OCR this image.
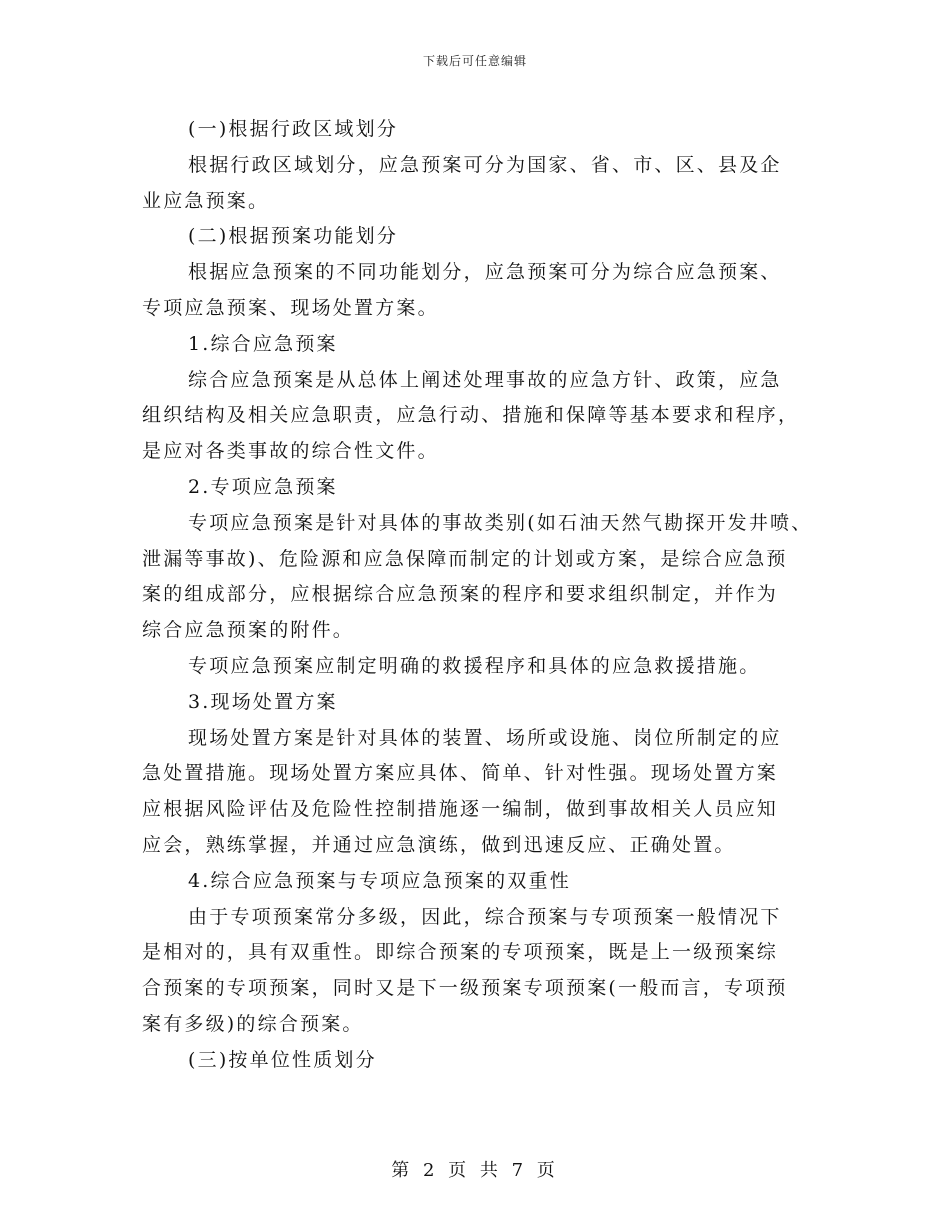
下载后可任意编辑
(一)根据行政区域划分
根据行政区域划分，应急预案可分为国家、省、市、区、县及企
业应急预案。
(二)根据预案功能划分
根据应急预案的不同功能划分，应急预案可分为综合应急预案、
专项应急预案、现场处置方案。
1.综合应急预案
综合应急预案是从总体上阐述处理事故的应急方针、政策，应急
组织结构及相关应急职责，应急行动、措施和保障等基本要求和程序，
是应对各类事故的综合性文件。
2.专项应急预案
专项应急预案是针对具体的事故类别(如石油天然气勘探开发井喷、
泄漏等事故)、危险源和应急保障而制定的计划或方案，是综合应急预
案的组成部分，应根据综合应急预案的程序和要求组织制定，并作为
综合应急预案的附件。
专项应急预案应制定明确的救援程序和具体的应急救援措施。
3.现场处置方案
现场处置方案是针对具体的装置、场所或设施、岗位所制定的应
急处置措施。现场处置方案应具体、简单、针对性强。现场处置方案
应根据风险评估及危险性控制措施逐一编制，做到事故相关人员应知
应会，熟练掌握，并通过应急演练，做到迅速反应、正确处置。
4.综合应急预案与专项应急预案的双重性
由于专项预案常分多级，因此，综合预案与专项预案一般情况下
是相对的，具有双重性。即综合预案的专项预案，既是上一级预案综
合预案的专项预案，同时又是下一级预案专项预案(一般而言，专项预
案有多级)的综合预案。
(三)按单位性质划分
第 2 页 共 7 页
